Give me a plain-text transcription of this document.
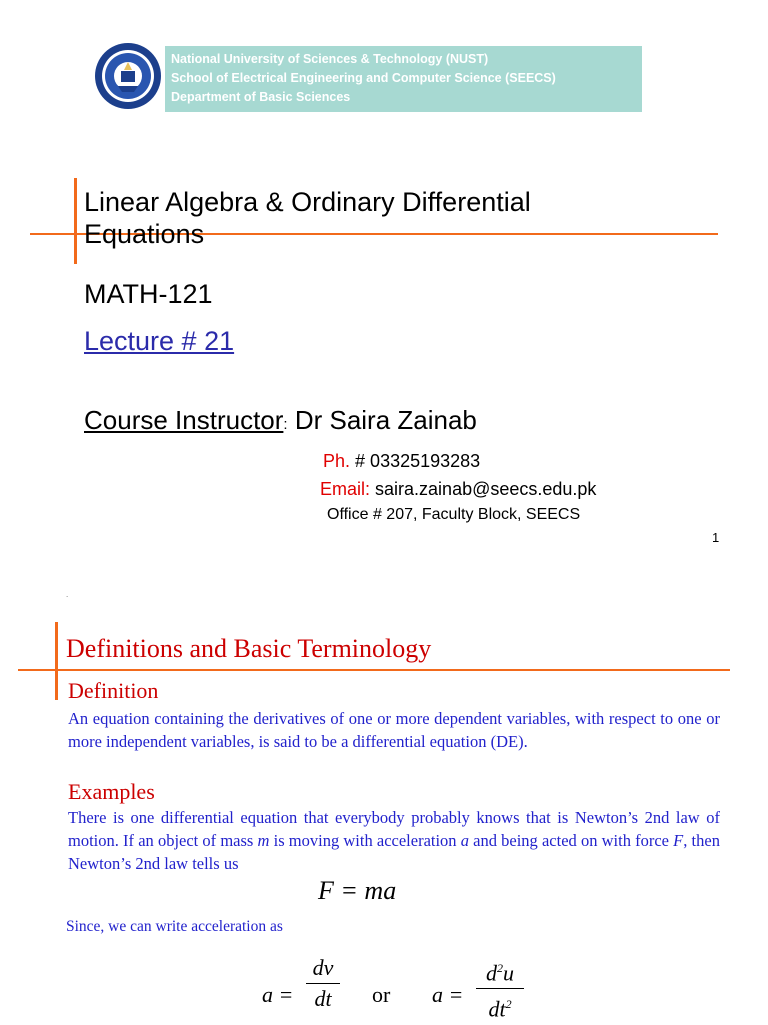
National University of Sciences & Technology (NUST)
School of Electrical Engineering and Computer Science (SEECS)
Department of Basic Sciences
Linear Algebra & Ordinary Differential Equations
MATH-121
Lecture # 21
Course Instructor: Dr Saira Zainab
Ph. # 03325193283
Email: saira.zainab@seecs.edu.pk
Office # 207, Faculty Block, SEECS
1
.
Definitions and Basic Terminology
Definition
An equation containing the derivatives of one or more dependent variables, with respect to one or more independent variables, is said to be a differential equation (DE).
Examples
There is one differential equation that everybody probably knows that is Newton’s 2nd law of motion. If an object of mass m is moving with acceleration a and being acted on with force F, then Newton’s 2nd law tells us
F = ma
Since, we can write acceleration as
$a = \frac{dv}{dt}$ or $a = \frac{d^2u}{dt^2}$
